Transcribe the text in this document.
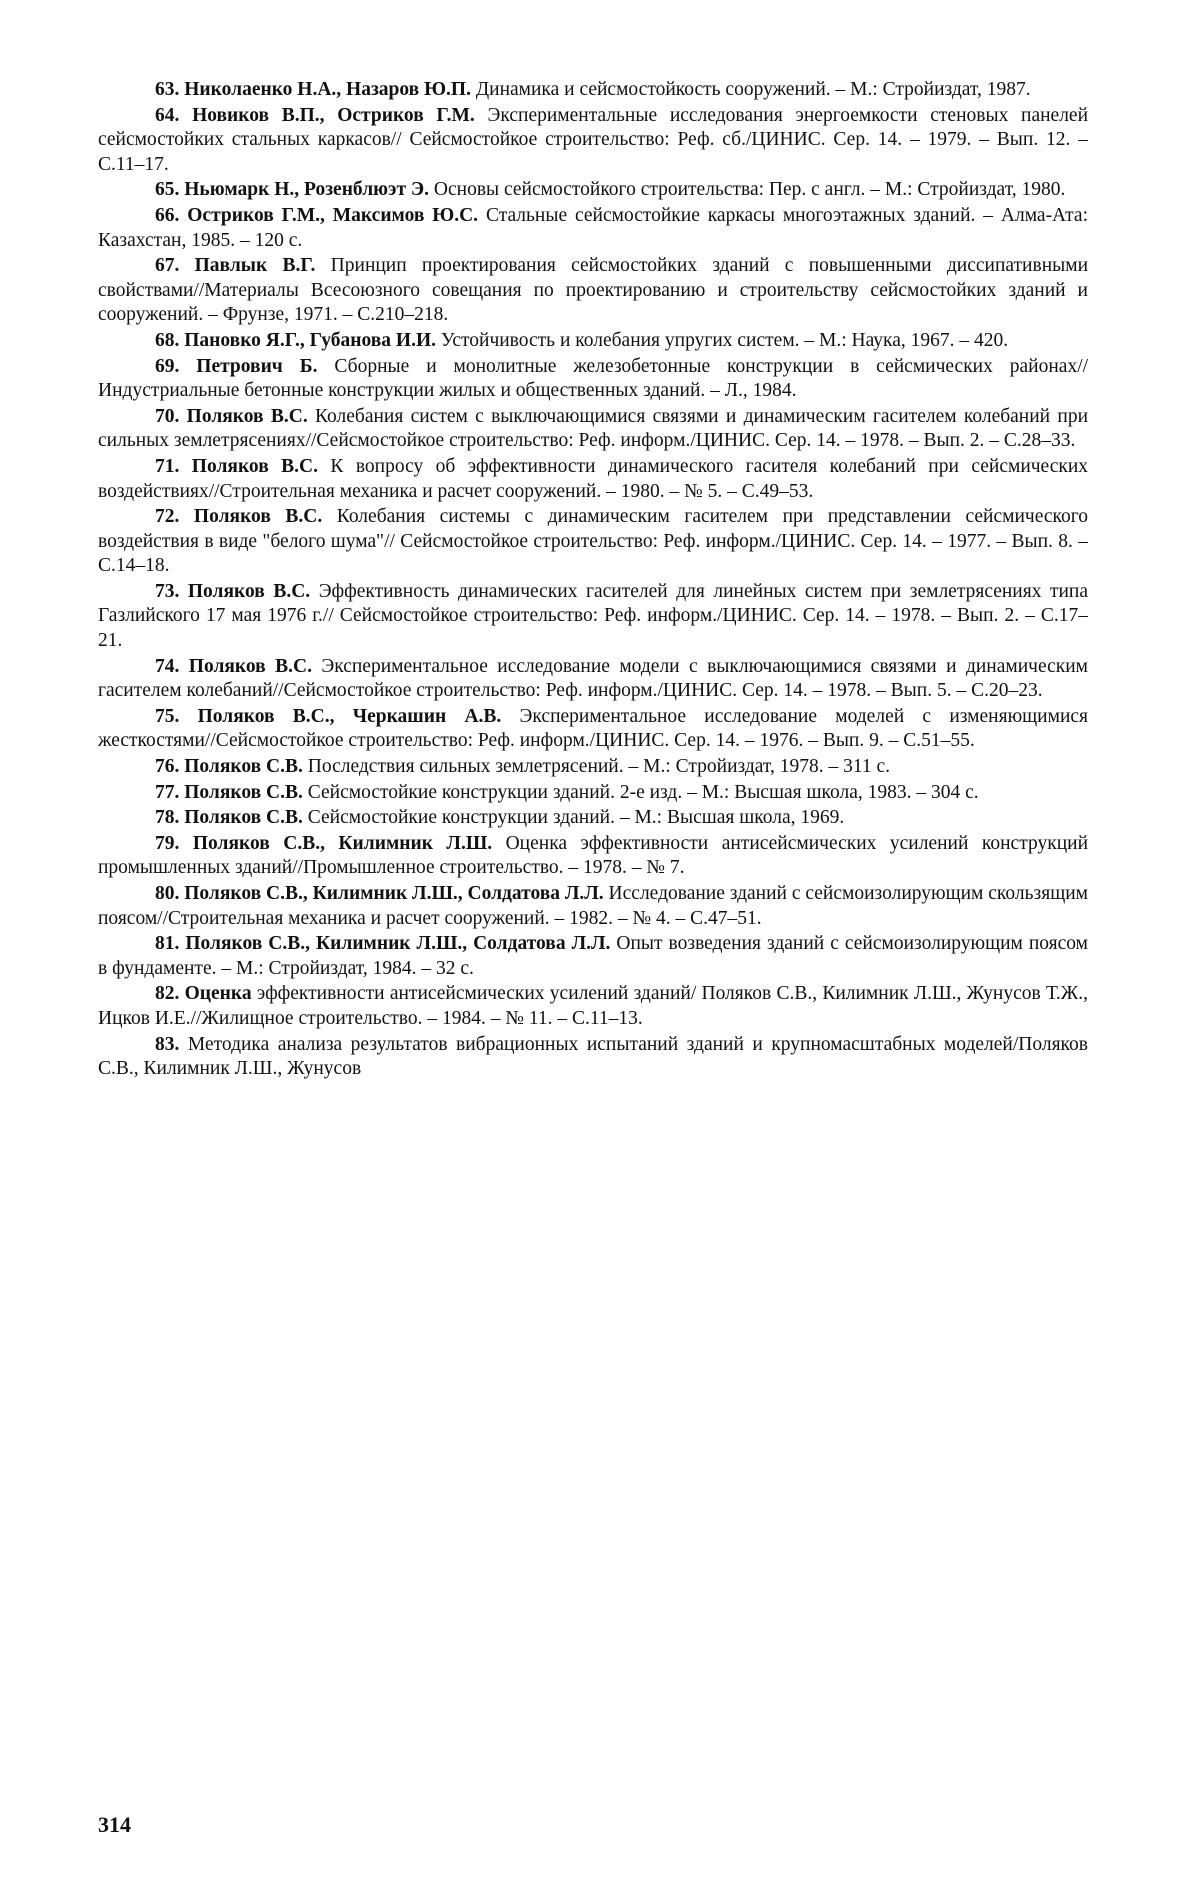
63. Николаенко Н.А., Назаров Ю.П. Динамика и сейсмостойкость сооружений. – М.: Стройиздат, 1987.

64. Новиков В.П., Остриков Г.М. Экспериментальные исследования энергоемкости стеновых панелей сейсмостойких стальных каркасов// Сейсмостойкое строительство: Реф. сб./ЦИНИС. Сер. 14. – 1979. – Вып. 12. – С.11–17.

65. Ньюмарк Н., Розенблюэт Э. Основы сейсмостойкого строительства: Пер. с англ. – М.: Стройиздат, 1980.

66. Остриков Г.М., Максимов Ю.С. Стальные сейсмостойкие каркасы многоэтажных зданий. – Алма-Ата: Казахстан, 1985. – 120 с.

67. Павлык В.Г. Принцип проектирования сейсмостойких зданий с повышенными диссипативными свойствами//Материалы Всесоюзного совещания по проектированию и строительству сейсмостойких зданий и сооружений. – Фрунзе, 1971. – С.210–218.

68. Пановко Я.Г., Губанова И.И. Устойчивость и колебания упругих систем. – М.: Наука, 1967. – 420.

69. Петрович Б. Сборные и монолитные железобетонные конструкции в сейсмических районах//Индустриальные бетонные конструкции жилых и общественных зданий. – Л., 1984.

70. Поляков В.С. Колебания систем с выключающимися связями и динамическим гасителем колебаний при сильных землетрясениях//Сейсмостойкое строительство: Реф. информ./ЦИНИС. Сер. 14. – 1978. – Вып. 2. – С.28–33.

71. Поляков В.С. К вопросу об эффективности динамического гасителя колебаний при сейсмических воздействиях//Строительная механика и расчет сооружений. – 1980. – № 5. – С.49–53.

72. Поляков В.С. Колебания системы с динамическим гасителем при представлении сейсмического воздействия в виде "белого шума"// Сейсмостойкое строительство: Реф. информ./ЦИНИС. Сер. 14. – 1977. – Вып. 8. – С.14–18.

73. Поляков В.С. Эффективность динамических гасителей для линейных систем при землетрясениях типа Газлийского 17 мая 1976 г.// Сейсмостойкое строительство: Реф. информ./ЦИНИС. Сер. 14. – 1978. – Вып. 2. – С.17–21.

74. Поляков В.С. Экспериментальное исследование модели с выключающимися связями и динамическим гасителем колебаний//Сейсмостойкое строительство: Реф. информ./ЦИНИС. Сер. 14. – 1978. – Вып. 5. – С.20–23.

75. Поляков В.С., Черкашин А.В. Экспериментальное исследование моделей с изменяющимися жесткостями//Сейсмостойкое строительство: Реф. информ./ЦИНИС. Сер. 14. – 1976. – Вып. 9. – С.51–55.

76. Поляков С.В. Последствия сильных землетрясений. – М.: Стройиздат, 1978. – 311 с.

77. Поляков С.В. Сейсмостойкие конструкции зданий. 2-е изд. – М.: Высшая школа, 1983. – 304 с.

78. Поляков С.В. Сейсмостойкие конструкции зданий. – М.: Высшая школа, 1969.

79. Поляков С.В., Килимник Л.Ш. Оценка эффективности антисейсмических усилений конструкций промышленных зданий//Промышленное строительство. – 1978. – № 7.

80. Поляков С.В., Килимник Л.Ш., Солдатова Л.Л. Исследование зданий с сейсмоизолирующим скользящим поясом//Строительная механика и расчет сооружений. – 1982. – № 4. – С.47–51.

81. Поляков С.В., Килимник Л.Ш., Солдатова Л.Л. Опыт возведения зданий с сейсмоизолирующим поясом в фундаменте. – М.: Стройиздат, 1984. – 32 с.

82. Оценка эффективности антисейсмических усилений зданий/ Поляков С.В., Килимник Л.Ш., Жунусов Т.Ж., Ицков И.Е.//Жилищное строительство. – 1984. – № 11. – С.11–13.

83. Методика анализа результатов вибрационных испытаний зданий и крупномасштабных моделей/Поляков С.В., Килимник Л.Ш., Жунусов

314
